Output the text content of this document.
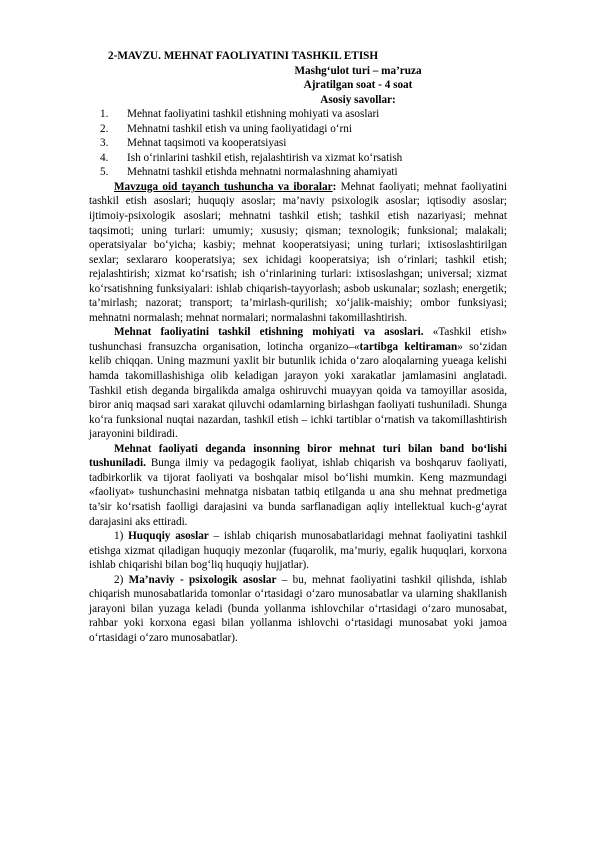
2-MAVZU. MEHNAT FAOLIYATINI TASHKIL ETISH
Mashg‘ulot turi – ma’ruza
Ajratilgan soat - 4 soat
Asosiy savollar:
1. Mehnat faoliyatini tashkil etishning mohiyati va asoslari
2. Mehnatni tashkil etish va uning faoliyatidagi o‘rni
3. Mehnat taqsimoti va kooperatsiyasi
4. Ish o‘rinlarini tashkil etish, rejalashtirish va xizmat ko‘rsatish
5. Mehnatni tashkil etishda mehnatni normalashning ahamiyati

Mavzuga oid tayanch tushuncha va iboralar: Mehnat faoliyati; mehnat faoliyatini tashkil etish asoslari; huquqiy asoslar; ma’naviy psixologik asoslar; iqtisodiy asoslar; ijtimoiy-psixologik asoslari; mehnatni tashkil etish; tashkil etish nazariyasi; mehnat taqsimoti; uning turlari: umumiy; xususiy; qisman; texnologik; funksional; malakali; operatsiyalar bo‘yicha; kasbiy; mehnat kooperatsiyasi; uning turlari; ixtisoslashtirilgan sexlar; sexlararo kooperatsiya; sex ichidagi kooperatsiya; ish o‘rinlari; tashkil etish; rejalashtirish; xizmat ko‘rsatish; ish o‘rinlarining turlari: ixtisoslashgan; universal; xizmat ko‘rsatishning funksiyalari: ishlab chiqarish-tayyorlash; asbob uskunalar; sozlash; energetik; ta’mirlash; nazorat; transport; ta’mirlash-qurilish; xo‘jalik-maishiy; ombor funksiyasi; mehnatni normalash; mehnat normalari; normalashni takomillashtirish.

Mehnat faoliyatini tashkil etishning mohiyati va asoslari. «Tashkil etish» tushunchasi fransuzcha organisation, lotincha organizo–«tartibga keltiraman» so‘zidan kelib chiqqan. Uning mazmuni yaxlit bir butunlik ichida o‘zaro aloqalarning yueaga kelishi hamda takomillashishiga olib keladigan jarayon yoki xarakatlar jamlamasini anglatadi. Tashkil etish deganda birgalikda amalga oshiruvchi muayyan qoida va tamoyillar asosida, biror aniq maqsad sari xarakat qiluvchi odamlarning birlashgan faoliyati tushuniladi. Shunga ko‘ra funksional nuqtai nazardan, tashkil etish – ichki tartiblar o‘rnatish va takomillashtirish jarayonini bildiradi.

Mehnat faoliyati deganda insonning biror mehnat turi bilan band bo‘lishi tushuniladi. Bunga ilmiy va pedagogik faoliyat, ishlab chiqarish va boshqaruv faoliyati, tadbirkorlik va tijorat faoliyati va boshqalar misol bo‘lishi mumkin. Keng mazmundagi «faoliyat» tushunchasini mehnatga nisbatan tatbiq etilganda u ana shu mehnat predmetiga ta’sir ko‘rsatish faolligi darajasini va bunda sarflanadigan aqliy intellektual kuch-g‘ayrat darajasini aks ettiradi.

1) Huquqiy asoslar – ishlab chiqarish munosabatlaridagi mehnat faoliyatini tashkil etishga xizmat qiladigan huquqiy mezonlar (fuqarolik, ma’muriy, egalik huquqlari, korxona ishlab chiqarishi bilan bog‘liq huquqiy hujjatlar).

2) Ma’naviy - psixologik asoslar – bu, mehnat faoliyatini tashkil qilishda, ishlab chiqarish munosabatlarida tomonlar o‘rtasidagi o‘zaro munosabatlar va ularning shakllanish jarayoni bilan yuzaga keladi (bunda yollanma ishlovchilar o‘rtasidagi o‘zaro munosabat, rahbar yoki korxona egasi bilan yollanma ishlovchi o‘rtasidagi munosabat yoki jamoa o‘rtasidagi o‘zaro munosabatlar).
